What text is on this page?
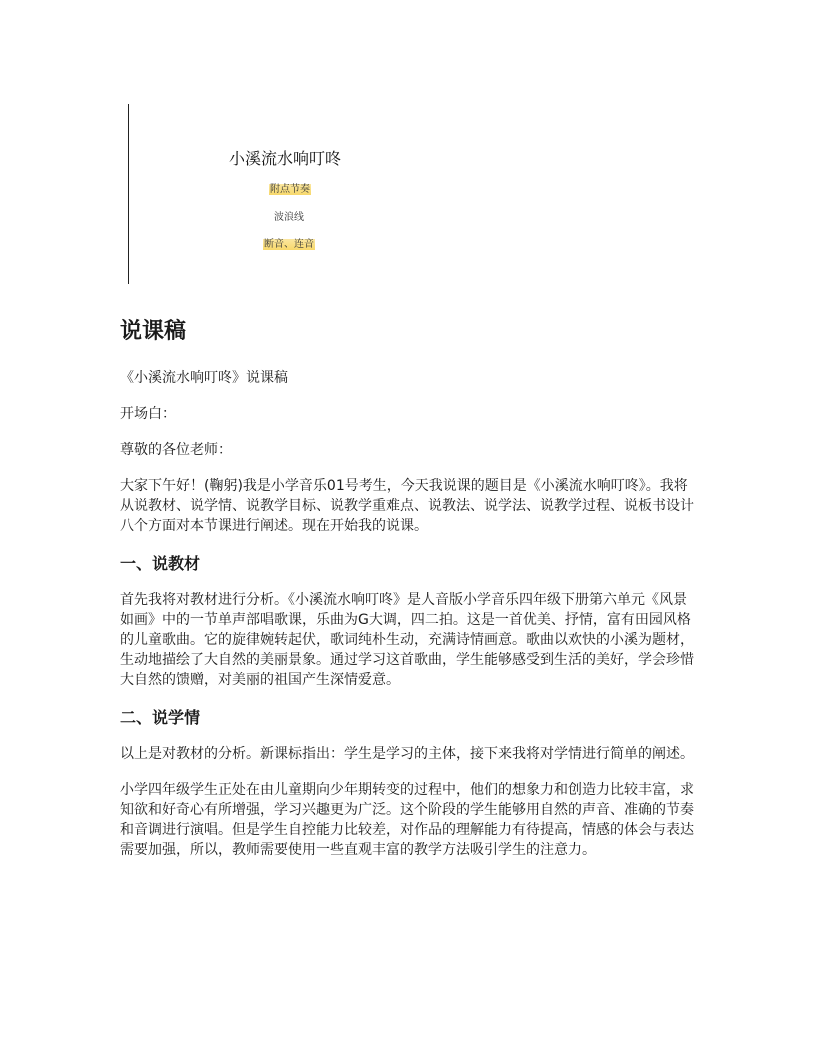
小溪流水响叮咚
附点节奏
波浪线
断音、连音
说课稿

《小溪流水响叮咚》说课稿

开场白：

尊敬的各位老师：

大家下午好！(鞠躬)我是小学音乐01号考生，今天我说课的题目是《小溪流水响叮咚》。我将从说教材、说学情、说教学目标、说教学重难点、说教法、说学法、说教学过程、说板书设计八个方面对本节课进行阐述。现在开始我的说课。

一、说教材

首先我将对教材进行分析。《小溪流水响叮咚》是人音版小学音乐四年级下册第六单元《风景如画》中的一节单声部唱歌课，乐曲为G大调，四二拍。这是一首优美、抒情，富有田园风格的儿童歌曲。它的旋律婉转起伏，歌词纯朴生动，充满诗情画意。歌曲以欢快的小溪为题材，生动地描绘了大自然的美丽景象。通过学习这首歌曲，学生能够感受到生活的美好，学会珍惜大自然的馈赠，对美丽的祖国产生深情爱意。

二、说学情

以上是对教材的分析。新课标指出：学生是学习的主体，接下来我将对学情进行简单的阐述。

小学四年级学生正处在由儿童期向少年期转变的过程中，他们的想象力和创造力比较丰富，求知欲和好奇心有所增强，学习兴趣更为广泛。这个阶段的学生能够用自然的声音、准确的节奏和音调进行演唱。但是学生自控能力比较差，对作品的理解能力有待提高，情感的体会与表达需要加强，所以，教师需要使用一些直观丰富的教学方法吸引学生的注意力。
